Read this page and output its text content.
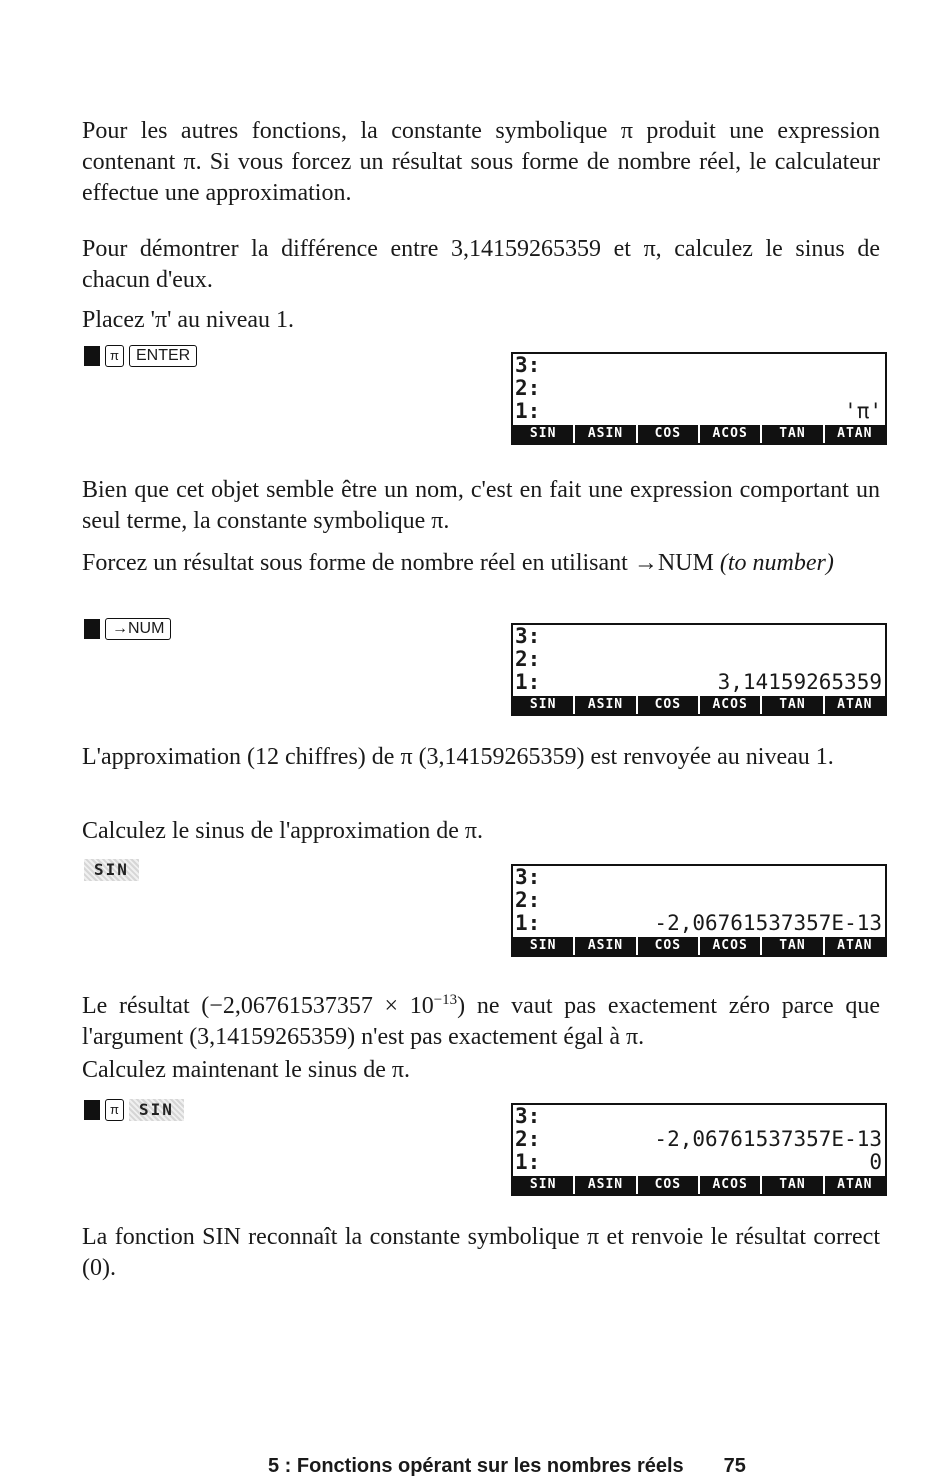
Pour les autres fonctions, la constante symbolique π produit une expression contenant π. Si vous forcez un résultat sous forme de nombre réel, le calculateur effectue une approximation.

Pour démontrer la différence entre 3,14159265359 et π, calculez le sinus de chacun d'eux.

Placez 'π' au niveau 1.

π	ENTER	3:
2:
1:	'π'
SIN	ASIN	COS	ACOS	TAN	ATAN

Bien que cet objet semble être un nom, c'est en fait une expression comportant un seul terme, la constante symbolique π.

Forcez un résultat sous forme de nombre réel en utilisant →NUM (to number)

→NUM	3:
2:
1:	3,14159265359
SIN	ASIN	COS	ACOS	TAN	ATAN

L'approximation (12 chiffres) de π (3,14159265359) est renvoyée au niveau 1.

Calculez le sinus de l'approximation de π.

SIN	3:
2:
1:	-2,06761537357E-13
SIN	ASIN	COS	ACOS	TAN	ATAN

Le résultat $(-2,06761537357 \times 10^{-13})$ ne vaut pas exactement zéro parce que l'argument (3,14159265359) n'est pas exactement égal à π.

Calculez maintenant le sinus de π.

π	SIN	3:
2:	-2,06761537357E-13
1:	0
SIN	ASIN	COS	ACOS	TAN	ATAN

La fonction SIN reconnaît la constante symbolique π et renvoie le résultat correct (0).

5 : Fonctions opérant sur les nombres réels 75
